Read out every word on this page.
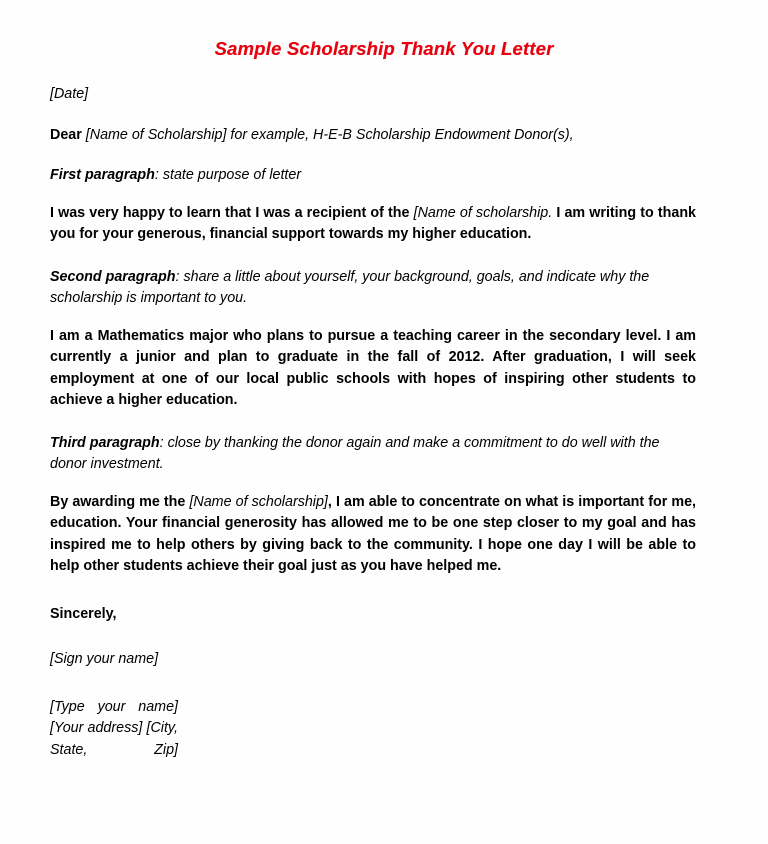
Sample Scholarship Thank You Letter

[Date]

Dear [Name of Scholarship] for example, H-E-B Scholarship Endowment Donor(s),

First paragraph: state purpose of letter

I was very happy to learn that I was a recipient of the [Name of scholarship. I am writing to thank you for your generous, financial support towards my higher education.

Second paragraph: share a little about yourself, your background, goals, and indicate why the scholarship is important to you.

I am a Mathematics major who plans to pursue a teaching career in the secondary level. I am currently a junior and plan to graduate in the fall of 2012. After graduation, I will seek employment at one of our local public schools with hopes of inspiring other students to achieve a higher education.

Third paragraph: close by thanking the donor again and make a commitment to do well with the donor investment.

By awarding me the [Name of scholarship], I am able to concentrate on what is important for me, education. Your financial generosity has allowed me to be one step closer to my goal and has inspired me to help others by giving back to the community. I hope one day I will be able to help other students achieve their goal just as you have helped me.

Sincerely,

[Sign your name]

[Type your name] [Your address] [City, State, Zip]
